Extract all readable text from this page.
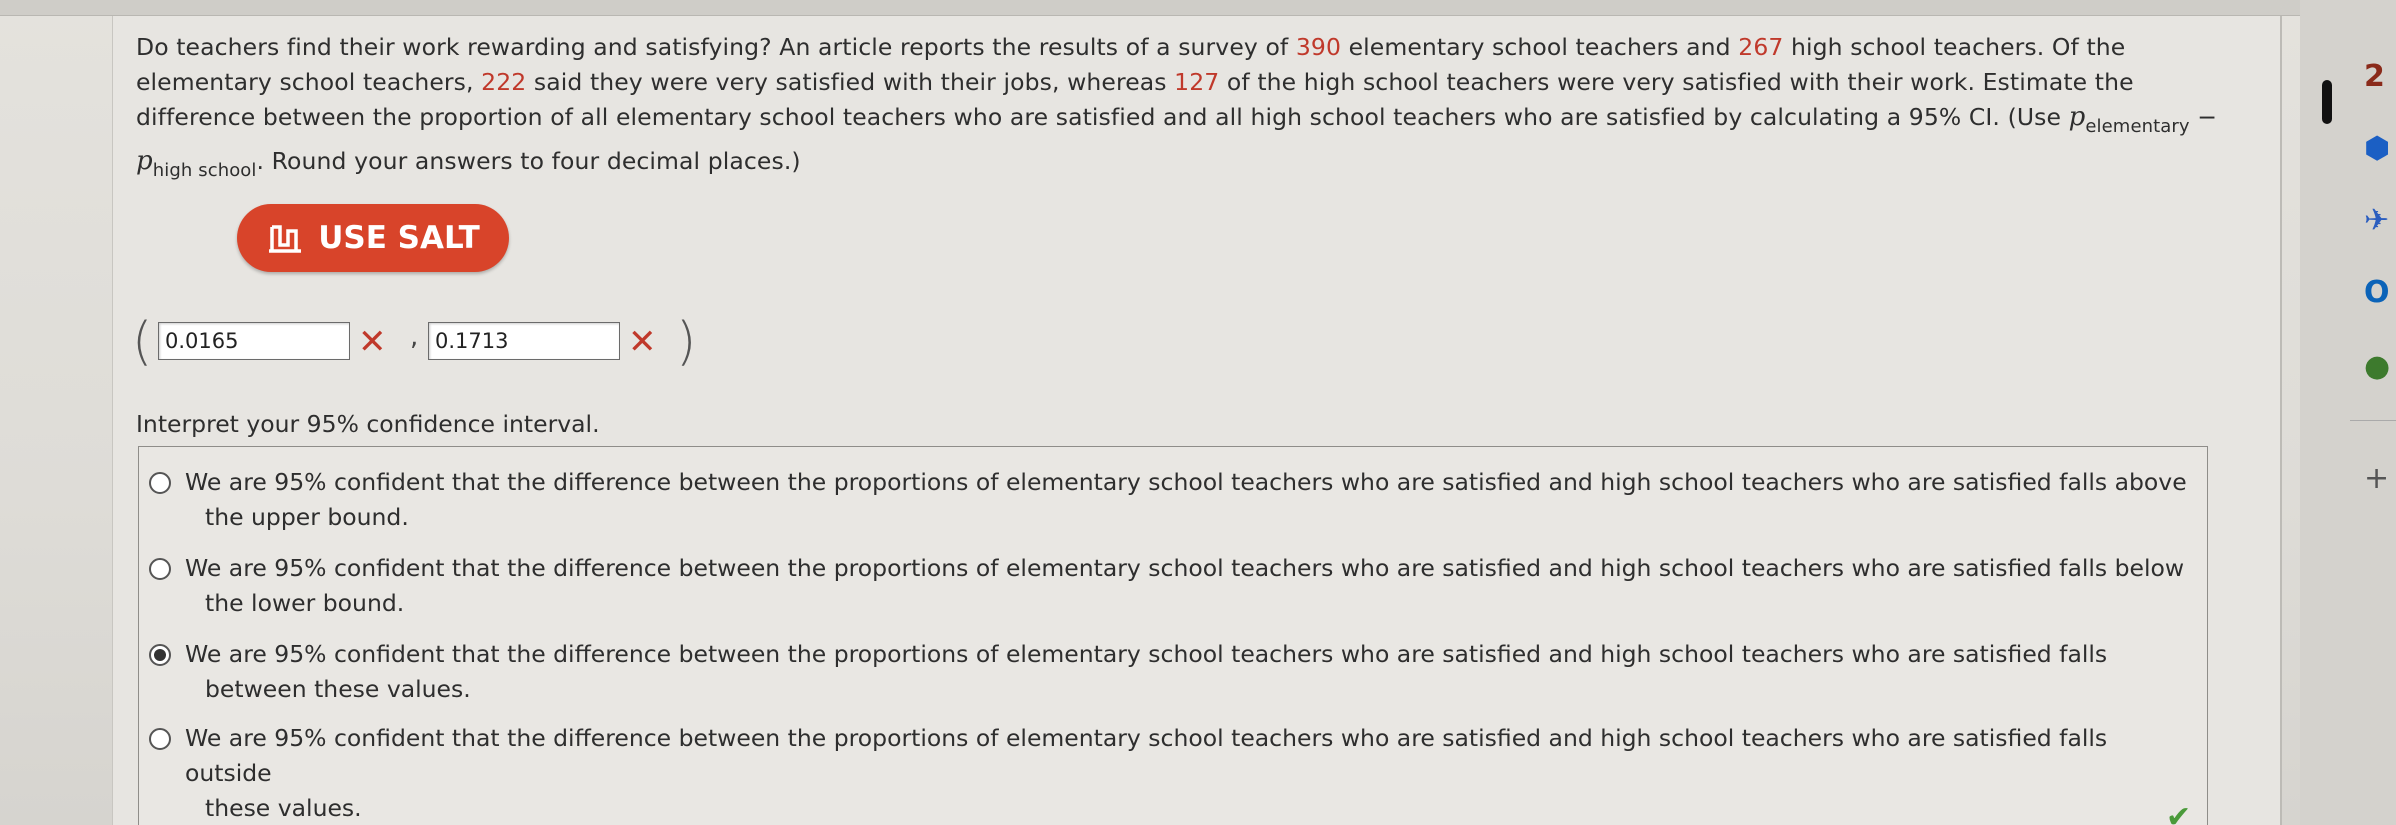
Do teachers find their work rewarding and satisfying? An article reports the results of a survey of 390 elementary school teachers and 267 high school teachers. Of the elementary school teachers, 222 said they were very satisfied with their jobs, whereas 127 of the high school teachers were very satisfied with their work. Estimate the difference between the proportion of all elementary school teachers who are satisfied and all high school teachers who are satisfied by calculating a 95% CI. (Use $p_{elementary} - p_{high school}$. Round your answers to four decimal places.)
USE SALT
( 0.0165	✕ , 0.1713	✕ )
Interpret your 95% confidence interval.
We are 95% confident that the difference between the proportions of elementary school teachers who are satisfied and high school teachers who are satisfied falls above
the upper bound.
We are 95% confident that the difference between the proportions of elementary school teachers who are satisfied and high school teachers who are satisfied falls below
the lower bound.
We are 95% confident that the difference between the proportions of elementary school teachers who are satisfied and high school teachers who are satisfied falls
between these values.
We are 95% confident that the difference between the proportions of elementary school teachers who are satisfied and high school teachers who are satisfied falls outside
these values.	✔
2
⬢
✈
O
●
+
